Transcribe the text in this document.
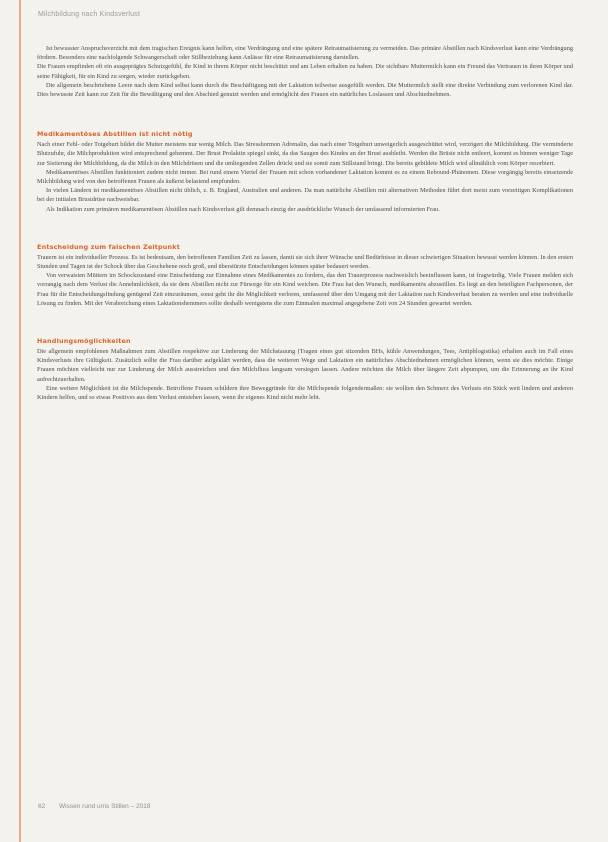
Milchbildung nach Kindsverlust

Ist bewusster Anspruchsverzicht mit dem tragischen Ereignis kann helfen, eine Verdrängung und eine spätere Retraumatisierung zu vermeiden. Das primäre Abstillen nach Kindsverlust kann eine Verdrängung fördern. Besonders eine nachfolgende Schwangerschaft oder Stillbeziehung kann Anlässe für eine Retraumatisierung darstellen.

Die Frauen empfinden oft ein ausgeprägtes Schutzgefühl, ihr Kind in ihrem Körper nicht beschützt und am Leben erhalten zu haben. Die sichtbare Muttermilch kann ein Freund das Vertrauen in ihren Körper und seine Fähigkeit, für ein Kind zu sorgen, wieder zurückgeben.

Die allgemein beschriebene Leere nach dem Kind selbst kann durch die Beschäftigung mit der Laktation teilweise ausgefüllt werden. Die Muttermilch stellt eine direkte Verbindung zum verlorenen Kind dar. Dies bewusste Zeit kann zur Zeit für die Bewältigung und den Abschied genutzt werden und ermöglicht den Frauen ein natürliches Loslassen und Abschiednehmen.

Medikamentöses Abstillen ist nicht nötig

Nach einer Fehl- oder Totgeburt bildet die Mutter meistens nur wenig Milch. Das Stresshormon Adrenalin, das nach einer Totgeburt unweigerlich ausgeschüttet wird, verzögert die Milchbildung. Die verminderte Blutzufuhr, die Milchproduktion wird entsprechend gehemmt. Der Brust Prolaktin spiegel sinkt, da das Saugen des Kindes an der Brust ausbleibt. Werden die Brüste nicht entleert, kommt es binnen weniger Tage zur Sistierung der Milchbildung, da die Milch in den Milchdrüsen und die umliegenden Zellen drückt und sie somit zum Stillstand bringt. Die bereits gebildete Milch wird allmählich vom Körper resorbiert.

Medikamentöses Abstillen funktioniert zudem nicht immer. Bei rund einem Viertel der Frauen mit schon vorhandener Laktation kommt es zu einem Rebound-Phänomen. Diese vorgängig bereits einsetzende Milchbildung wird von den betroffenen Frauen als äußerst belastend empfunden.

In vielen Ländern ist medikamentöses Abstillen nicht üblich, z. B. England, Australien und anderen. Da man natürliche Abstillen mit alternativen Methoden führt dort meist zum vorzeitigen Komplikationen bei der initialen Brustdrüse nachweisbar.

Als Indikation zum primären medikamentösen Abstillen nach Kindsverlust gilt demnach einzig der ausdrückliche Wunsch der umfassend informierten Frau.

Entscheidung zum falschen Zeitpunkt

Trauern ist ein individueller Prozess. Es ist bedeutsam, den betroffenen Familien Zeit zu lassen, damit sie sich ihrer Wünsche und Bedürfnisse in dieser schwierigen Situation bewusst werden können. In den ersten Stunden und Tagen ist der Schock über das Geschehene noch groß, und überstürzte Entscheidungen können später bedauert werden.

Von verwaisten Müttern im Schockzustand eine Entscheidung zur Einnahme eines Medikamentes zu fordern, das den Trauerprozess nachweislich beeinflussen kann, ist fragwürdig. Viele Frauen melden sich vorrangig nach dem Verlust die Annehmlichkeit, da sie dem Abstillen nicht zur Fürsorge für ein Kind weichen. Die Frau hat den Wunsch, medikamentös abzustillen. Es liegt an den beteiligten Fachpersonen, der Frau für die Entscheidungsfindung genügend Zeit einzuräumen, sonst geht ihr die Möglichkeit verloren, umfassend über den Umgang mit der Laktation nach Kindsverlust beraten zu werden und eine individuelle Lösung zu finden. Mit der Verabreichung eines Laktationshemmers sollte deshalb wenigstens die zum Einmalen maximal angegebene Zeit von 24 Stunden gewartet werden.

Handlungsmöglichkeiten

Die allgemein empfohlenen Maßnahmen zum Abstillen respektive zur Linderung der Milchstauung (Tragen eines gut sitzenden BHs, kühle Anwendungen, Tees, Antiphlogistika) erhalten auch im Fall eines Kindsverlusts ihre Gültigkeit. Zusätzlich sollte die Frau darüber aufgeklärt werden, dass die weiteren Wege und Laktation ein natürliches Abschiednehmen ermöglichen können, wenn sie dies möchte. Einige Frauen möchten vielleicht nur zur Linderung der Milch ausstreichen und den Milchfluss langsam versiegen lassen. Andere möchten die Milch über längere Zeit abpumpen, um die Erinnerung an ihr Kind aufrechtzuerhalten.

Eine weitere Möglichkeit ist die Milchspende. Betroffene Frauen schildern ihre Beweggründe für die Milchspende folgendermaßen: sie wollten den Schmerz des Verlusts ein Stück weit lindern und anderen Kindern helfen, und so etwas Positives aus dem Verlust entstehen lassen, wenn ihr eigenes Kind nicht mehr lebt.

62 Wissen rund ums Stillen – 2018
